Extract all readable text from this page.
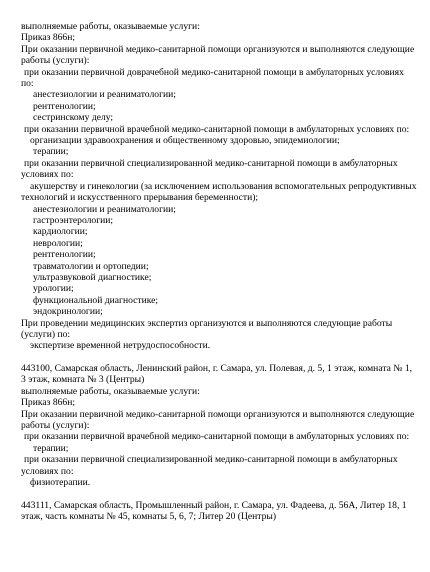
выполняемые работы, оказываемые услуги:
Приказ 866н;
При оказании первичной медико-санитарной помощи организуются и выполняются следующие
работы (услуги):
при оказании первичной доврачебной медико-санитарной помощи в амбулаторных условиях
по:
анестезиологии и реаниматологии;
рентгенологии;
сестринскому делу;
при оказании первичной врачебной медико-санитарной помощи в амбулаторных условиях по:
организации здравоохранения и общественному здоровью, эпидемиологии;
терапии;
при оказании первичной специализированной медико-санитарной помощи в амбулаторных
условиях по:
акушерству и гинекологии (за исключением использования вспомогательных репродуктивных
технологий и искусственного прерывания беременности);
анестезиологии и реаниматологии;
гастроэнтерологии;
кардиологии;
неврологии;
рентгенологии;
травматологии и ортопедии;
ультразвуковой диагностике;
урологии;
функциональной диагностике;
эндокринологии;
При проведении медицинских экспертиз организуются и выполняются следующие работы
(услуги) по:
экспертизе временной нетрудоспособности.
443100, Самарская область, Ленинский район, г. Самара, ул. Полевая, д. 5, 1 этаж, комната № 1,
3 этаж, комната № 3 (Центры)
выполняемые работы, оказываемые услуги:
Приказ 866н;
При оказании первичной медико-санитарной помощи организуются и выполняются следующие
работы (услуги):
при оказании первичной врачебной медико-санитарной помощи в амбулаторных условиях по:
терапии;
при оказании первичной специализированной медико-санитарной помощи в амбулаторных
условиях по:
физиотерапии.
443111, Самарская область, Промышленный район, г. Самара, ул. Фадеева, д. 56А, Литер 18, 1
этаж, часть комнаты № 45, комнаты 5, 6, 7; Литер 20 (Центры)
